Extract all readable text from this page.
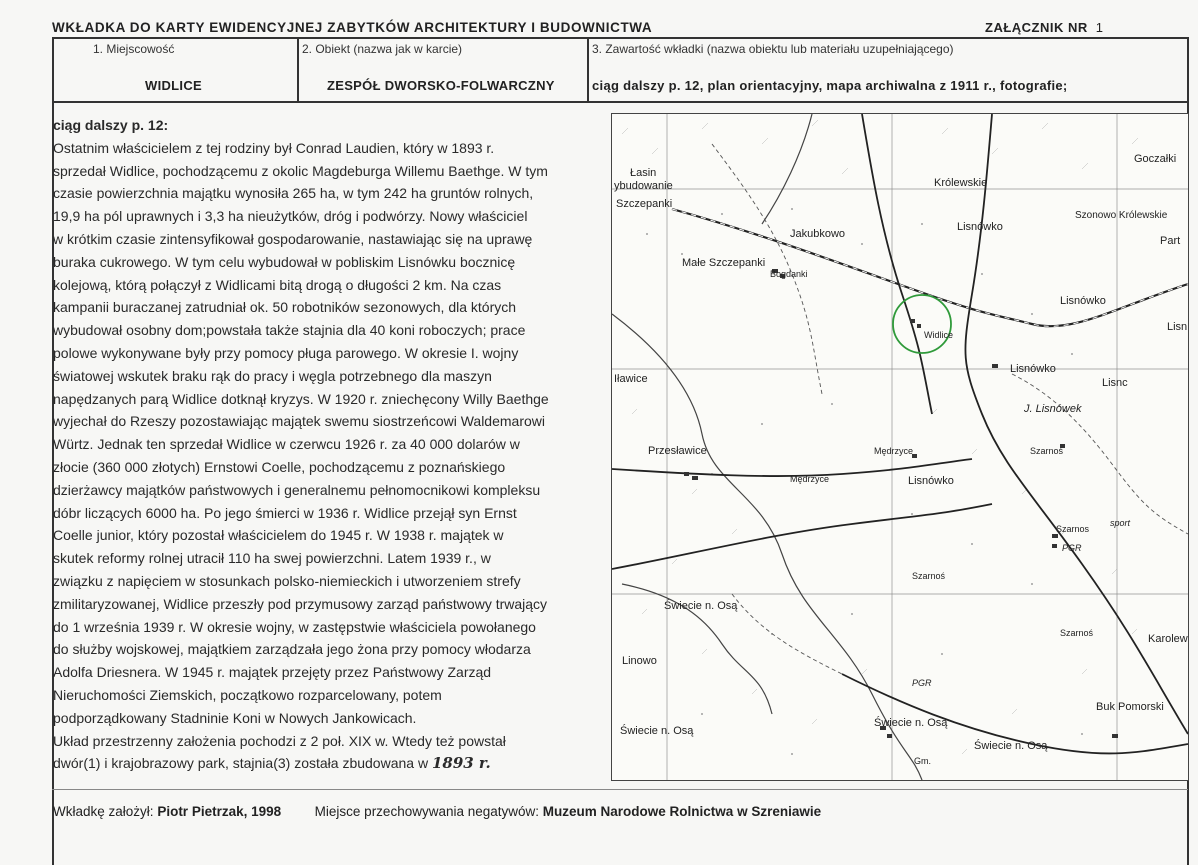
WKŁADKA DO KARTY EWIDENCYJNEJ ZABYTKÓW ARCHITEKTURY I BUDOWNICTWA	ZAŁĄCZNIK NR 1
1. Miejscowość
WIDLICE
2. Obiekt (nazwa jak w karcie)
ZESPÓŁ DWORSKO-FOLWARCZNY
3. Zawartość wkładki (nazwa obiektu lub materiału uzupełniającego)
ciąg dalszy p. 12, plan orientacyjny, mapa archiwalna z 1911 r., fotografie;
ciąg dalszy p. 12:

Ostatnim właścicielem z tej rodziny był Conrad Laudien, który w 1893 r.
sprzedał Widlice, pochodzącemu z okolic Magdeburga Willemu Baethge. W tym
czasie powierzchnia majątku wynosiła 265 ha, w tym 242 ha gruntów rolnych,
19,9 ha pól uprawnych i 3,3 ha nieużytków, dróg i podwórzy. Nowy właściciel
w krótkim czasie zintensyfikował gospodarowanie, nastawiając się na uprawę
buraka cukrowego. W tym celu wybudował w pobliskim Lisnówku bocznicę
kolejową, którą połączył z Widlicami bitą drogą o długości 2 km. Na czas
kampanii buraczanej zatrudniał ok. 50 robotników sezonowych, dla których
wybudował osobny dom;powstała także stajnia dla 40 koni roboczych; prace
polowe wykonywane były przy pomocy pługa parowego. W okresie I. wojny
światowej wskutek braku rąk do pracy i węgla potrzebnego dla maszyn
napędzanych parą Widlice dotknął kryzys. W 1920 r. zniechęcony Willy Baethge
wyjechał do Rzeszy pozostawiając majątek swemu siostrzeńcowi Waldemarowi
Würtz. Jednak ten sprzedał Widlice w czerwcu 1926 r. za 40 000 dolarów w
złocie (360 000 złotych) Ernstowi Coelle, pochodzącemu z poznańskiego
dzierżawcy majątków państwowych i generalnemu pełnomocnikowi kompleksu
dóbr liczących 6000 ha. Po jego śmierci w 1936 r. Widlice przejął syn Ernst
Coelle junior, który pozostał właścicielem do 1945 r. W 1938 r. majątek w
skutek reformy rolnej utracił 110 ha swej powierzchni. Latem 1939 r., w
związku z napięciem w stosunkach polsko-niemieckich i utworzeniem strefy
zmilitaryzowanej, Widlice przeszły pod przymusowy zarząd państwowy trwający
do 1 września 1939 r. W okresie wojny, w zastępstwie właściciela powołanego
do służby wojskowej, majątkiem zarządzała jego żona przy pomocy włodarza
Adolfa Driesnera. W 1945 r. majątek przejęty przez Państwowy Zarząd
Nieruchomości Ziemskich, początkowo rozparcelowany, potem
podporządkowany Stadninie Koni w Nowych Jankowicach.
Układ przestrzenny założenia pochodzi z 2 poł. XIX w. Wtedy też powstał
dwór(1) i krajobrazowy park, stajnia(3) została zbudowana w 1893 r.

Łasin
ybudowanie
Szczepanki
Królewskie
Goczałki
Szonowo Królewskie
Jakubkowo
Lisnówko
Małe Szczepanki
Bogdanki
Widlice
Lisnówko
Lisnówko
J. Lisnówek
Przesławice	Mędrzyce
Mędrzyce	Lisnówko
Szarnos
PGR
Szarnoś
Świecie n. Osą
Świecie n. Osą
Świecie n. Osą
Świecie n. Osą
Buk Pomorski
Karolew
Linowo
Iławice
Part
Lisnc
Szarnoś
Szarnoś
Lisn
PGR
Gm.
sport
Wkładkę założył: Piotr Pietrzak, 1998 Miejsce przechowywania negatywów: Muzeum Narodowe Rolnictwa w Szreniawie
